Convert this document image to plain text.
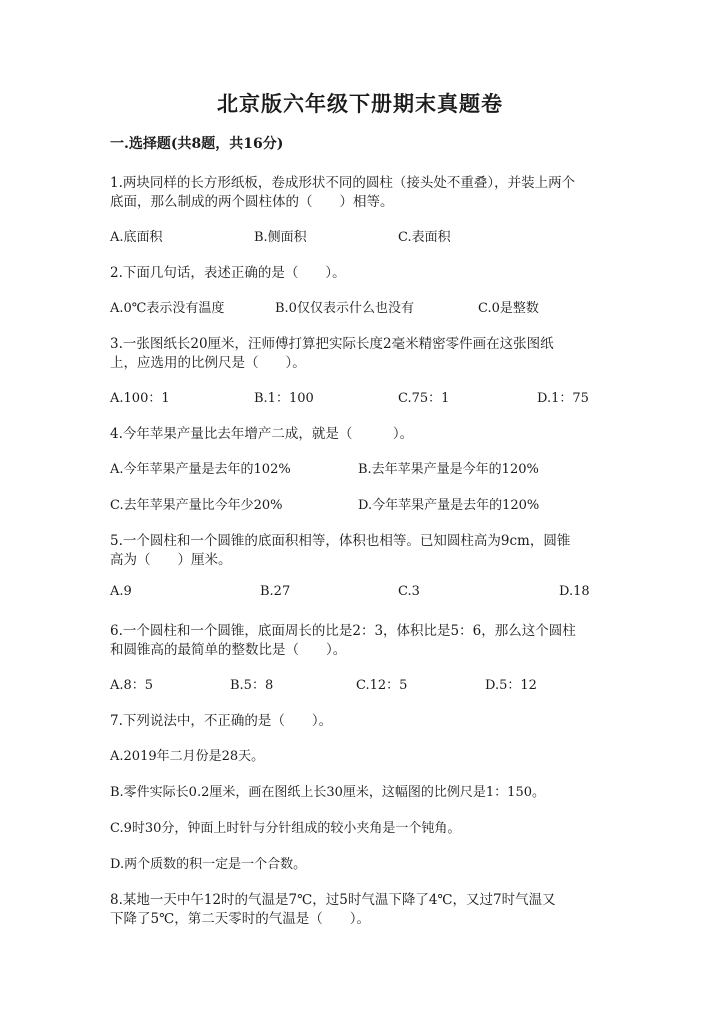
北京版六年级下册期末真题卷
一.选择题(共8题，共16分)
1.两块同样的长方形纸板，卷成形状不同的圆柱（接头处不重叠），并装上两个
底面，那么制成的两个圆柱体的（　　）相等。
A.底面积	B.侧面积	C.表面积
2.下面几句话，表述正确的是（　　）。
A.0℃表示没有温度	B.0仅仅表示什么也没有	C.0是整数
3.一张图纸长20厘米，汪师傅打算把实际长度2毫米精密零件画在这张图纸
上，应选用的比例尺是（　　）。
A.100：1	B.1：100	C.75：1	D.1：75
4.今年苹果产量比去年增产二成，就是（　　　）。
A.今年苹果产量是去年的102%	B.去年苹果产量是今年的120%
C.去年苹果产量比今年少20%	D.今年苹果产量是去年的120%
5.一个圆柱和一个圆锥的底面积相等，体积也相等。已知圆柱高为9cm，圆锥
高为（　　）厘米。
A.9	B.27	C.3	D.18
6.一个圆柱和一个圆锥，底面周长的比是2：3，体积比是5：6，那么这个圆柱
和圆锥高的最简单的整数比是（　　）。
A.8：5	B.5：8	C.12：5	D.5：12
7.下列说法中，不正确的是（　　）。
A.2019年二月份是28天。
B.零件实际长0.2厘米，画在图纸上长30厘米，这幅图的比例尺是1：150。
C.9时30分，钟面上时针与分针组成的较小夹角是一个钝角。
D.两个质数的积一定是一个合数。
8.某地一天中午12时的气温是7℃，过5时气温下降了4℃，又过7时气温又
下降了5℃，第二天零时的气温是（　　）。
